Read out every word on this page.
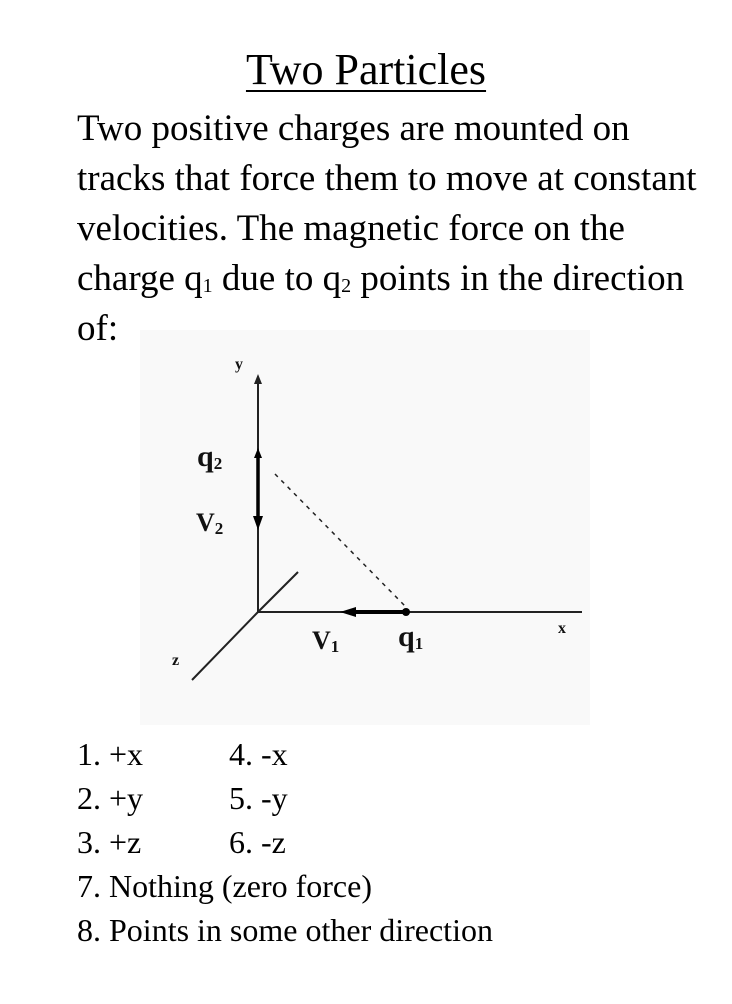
Two Particles
Two positive charges are mounted on tracks that force them to move at constant velocities. The magnetic force on the charge $q_1$ due to $q_2$ points in the direction of:
y
x
z
$q_2$
$V_2$
$V_1$ $q_1$
1. +x	4. -x
2. +y	5. -y
3. +z	6. -z
7. Nothing (zero force)
8. Points in some other direction
